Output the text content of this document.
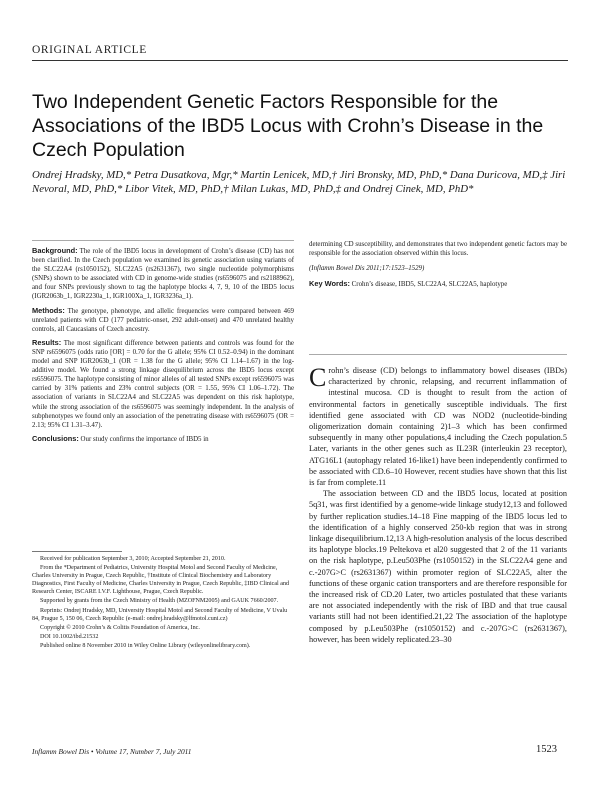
ORIGINAL ARTICLE
Two Independent Genetic Factors Responsible for the Associations of the IBD5 Locus with Crohn’s Disease in the Czech Population
Ondrej Hradsky, MD,* Petra Dusatkova, Mgr,* Martin Lenicek, MD,† Jiri Bronsky, MD, PhD,* Dana Duricova, MD,‡ Jiri Nevoral, MD, PhD,* Libor Vitek, MD, PhD,† Milan Lukas, MD, PhD,‡ and Ondrej Cinek, MD, PhD*

Background: The role of the IBD5 locus in development of Crohn’s disease (CD) has not been clarified. In the Czech population we examined its genetic association using variants of the SLC22A4 (rs1050152), SLC22A5 (rs2631367), two single nucleotide polymorphisms (SNPs) shown to be associated with CD in genome-wide studies (rs6596075 and rs2188962), and four SNPs previously shown to tag the haplotype blocks 4, 7, 9, 10 of the IBD5 locus (IGR2063b_1, IGR2230a_1, IGR100Xa_1, IGR3236a_1).

Methods: The genotype, phenotype, and allelic frequencies were compared between 469 unrelated patients with CD (177 pediatric-onset, 292 adult-onset) and 470 unrelated healthy controls, all Caucasians of Czech ancestry.

Results: The most significant difference between patients and controls was found for the SNP rs6596075 (odds ratio [OR] = 0.70 for the G allele; 95% CI 0.52–0.94) in the dominant model and SNP IGR2063b_1 (OR = 1.38 for the G allele; 95% CI 1.14–1.67) in the log-additive model. We found a strong linkage disequilibrium across the IBD5 locus except rs6596075. The haplotype consisting of minor alleles of all tested SNPs except rs6596075 was carried by 31% patients and 23% control subjects (OR = 1.55, 95% CI 1.06–1.72). The association of variants in SLC22A4 and SLC22A5 was dependent on this risk haplotype, while the strong association of the rs6596075 was seemingly independent. In the analysis of subphenotypes we found only an association of the penetrating disease with rs6596075 (OR = 2.13; 95% CI 1.31–3.47).

Conclusions: Our study confirms the importance of IBD5 in

determining CD susceptibility, and demonstrates that two independent genetic factors may be responsible for the association observed within this locus.

(Inflamm Bowel Dis 2011;17:1523–1529)

Key Words: Crohn’s disease, IBD5, SLC22A4, SLC22A5, haplotype

Received for publication September 3, 2010; Accepted September 21, 2010.

From the *Department of Pediatrics, University Hospital Motol and Second Faculty of Medicine, Charles University in Prague, Czech Republic, †Institute of Clinical Biochemistry and Laboratory Diagnostics, First Faculty of Medicine, Charles University in Prague, Czech Republic, ‡IBD Clinical and Research Center, ISCARE I.V.F. Lighthouse, Prague, Czech Republic.

Supported by grants from the Czech Ministry of Health (MZOFNM2005) and GAUK 7660/2007.

Reprints: Ondrej Hradsky, MD, University Hospital Motol and Second Faculty of Medicine, V Uvalu 84, Prague 5, 150 06, Czech Republic (e-mail: ondrej.hradsky@lfmotol.cuni.cz)

Copyright © 2010 Crohn’s & Colitis Foundation of America, Inc.

DOI 10.1002/ibd.21532

Published online 8 November 2010 in Wiley Online Library (wileyonlinelibrary.com).

Crohn’s disease (CD) belongs to inflammatory bowel diseases (IBDs) characterized by chronic, relapsing, and recurrent inflammation of intestinal mucosa. CD is thought to result from the action of environmental factors in genetically susceptible individuals. The first identified gene associated with CD was NOD2 (nucleotide-binding oligomerization domain containing 2)1–3 which has been confirmed subsequently in many other populations,4 including the Czech population.5 Later, variants in the other genes such as IL23R (interleukin 23 receptor), ATG16L1 (autophagy related 16-like1) have been independently confirmed to be associated with CD.6–10 However, recent studies have shown that this list is far from complete.11

The association between CD and the IBD5 locus, located at position 5q31, was first identified by a genome-wide linkage study12,13 and followed by further replication studies.14–18 Fine mapping of the IBD5 locus led to the identification of a highly conserved 250-kb region that was in strong linkage disequilibrium.12,13 A high-resolution analysis of the locus described its haplotype blocks.19 Peltekova et al20 suggested that 2 of the 11 variants on the risk haplotype, p.Leu503Phe (rs1050152) in the SLC22A4 gene and c.-207G>C (rs2631367) within promoter region of SLC22A5, alter the functions of these organic cation transporters and are therefore responsible for the increased risk of CD.20 Later, two articles postulated that these variants are not associated independently with the risk of IBD and that true causal variants still had not been identified.21,22 The association of the haplotype composed by p.Leu503Phe (rs1050152) and c.-207G>C (rs2631367), however, has been widely replicated.23–30

Inflamm Bowel Dis • Volume 17, Number 7, July 2011	1523
